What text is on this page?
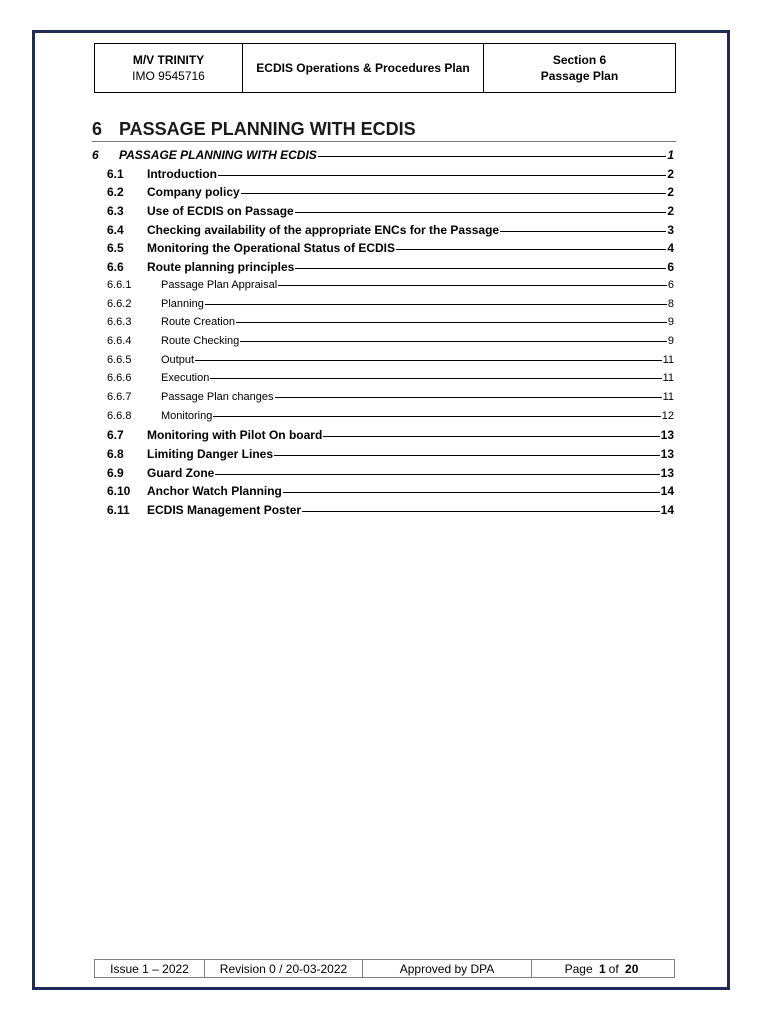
M/V TRINITY
IMO 9545716
ECDIS Operations & Procedures Plan
Section 6
Passage Plan
6 PASSAGE PLANNING WITH ECDIS
6	PASSAGE PLANNING WITH ECDIS	1
6.1	Introduction	2
6.2	Company policy	2
6.3	Use of ECDIS on Passage	2
6.4	Checking availability of the appropriate ENCs for the Passage	3
6.5	Monitoring the Operational Status of ECDIS	4
6.6	Route planning principles	6
6.6.1	Passage Plan Appraisal	6
6.6.2	Planning	8
6.6.3	Route Creation	9
6.6.4	Route Checking	9
6.6.5	Output	11
6.6.6	Execution	11
6.6.7	Passage Plan changes	11
6.6.8	Monitoring	12
6.7	Monitoring with Pilot On board	13
6.8	Limiting Danger Lines	13
6.9	Guard Zone	13
6.10	Anchor Watch Planning	14
6.11	ECDIS Management Poster	14
Issue 1 – 2022	Revision 0 / 20-03-2022	Approved by DPA	Page
1 of
20
